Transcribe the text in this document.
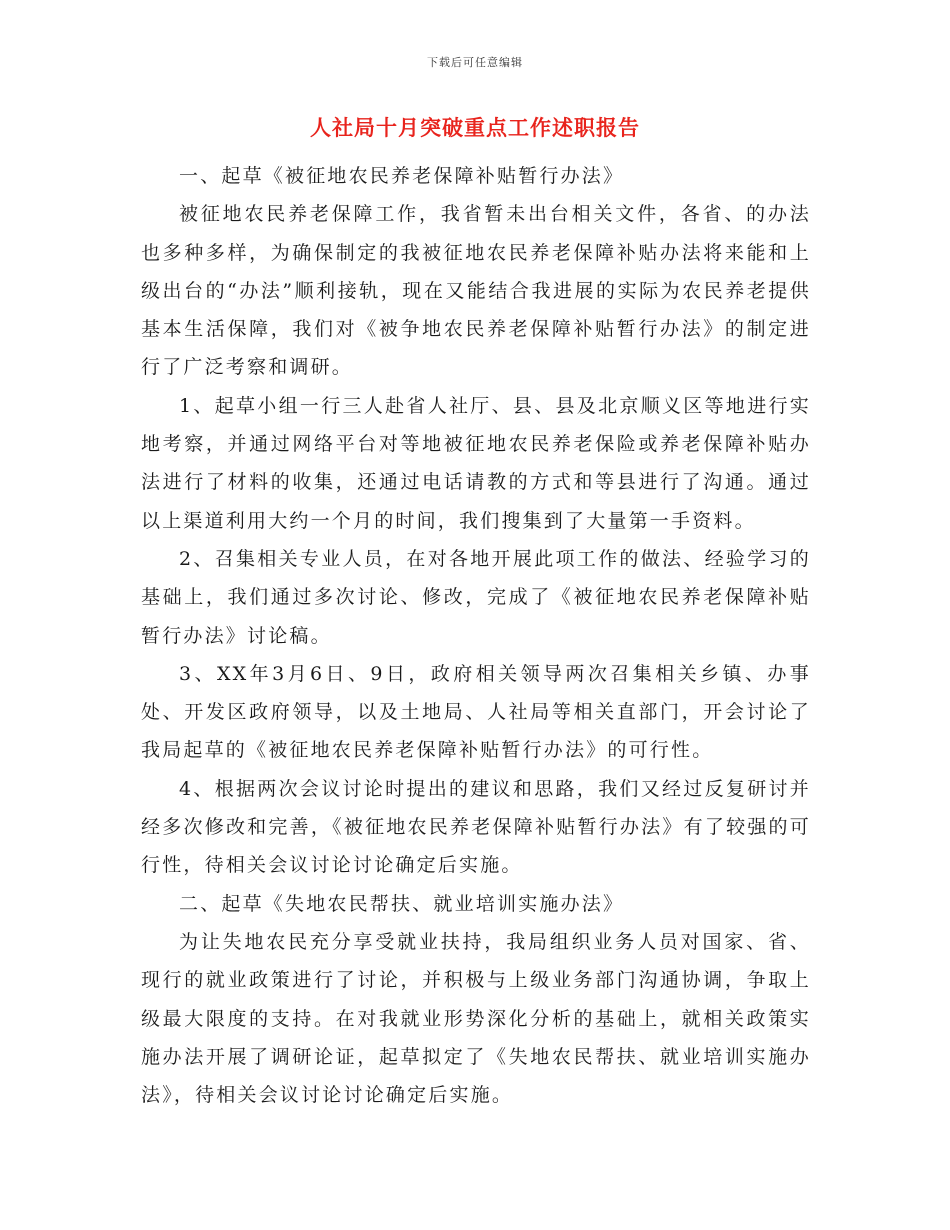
下载后可任意编辑
人社局十月突破重点工作述职报告

一、起草《被征地农民养老保障补贴暂行办法》

被征地农民养老保障工作，我省暂未出台相关文件，各省、的办法也多种多样，为确保制定的我被征地农民养老保障补贴办法将来能和上级出台的“办法”顺利接轨，现在又能结合我进展的实际为农民养老提供基本生活保障，我们对《被争地农民养老保障补贴暂行办法》的制定进行了广泛考察和调研。

1、起草小组一行三人赴省人社厅、县、县及北京顺义区等地进行实地考察，并通过网络平台对等地被征地农民养老保险或养老保障补贴办法进行了材料的收集，还通过电话请教的方式和等县进行了沟通。通过以上渠道利用大约一个月的时间，我们搜集到了大量第一手资料。

2、召集相关专业人员，在对各地开展此项工作的做法、经验学习的基础上，我们通过多次讨论、修改，完成了《被征地农民养老保障补贴暂行办法》讨论稿。

3、XX年3月6日、9日，政府相关领导两次召集相关乡镇、办事处、开发区政府领导，以及土地局、人社局等相关直部门，开会讨论了我局起草的《被征地农民养老保障补贴暂行办法》的可行性。

4、根据两次会议讨论时提出的建议和思路，我们又经过反复研讨并经多次修改和完善，《被征地农民养老保障补贴暂行办法》有了较强的可行性，待相关会议讨论讨论确定后实施。

二、起草《失地农民帮扶、就业培训实施办法》

为让失地农民充分享受就业扶持，我局组织业务人员对国家、省、现行的就业政策进行了讨论，并积极与上级业务部门沟通协调，争取上级最大限度的支持。在对我就业形势深化分析的基础上，就相关政策实施办法开展了调研论证，起草拟定了《失地农民帮扶、就业培训实施办法》，待相关会议讨论讨论确定后实施。
